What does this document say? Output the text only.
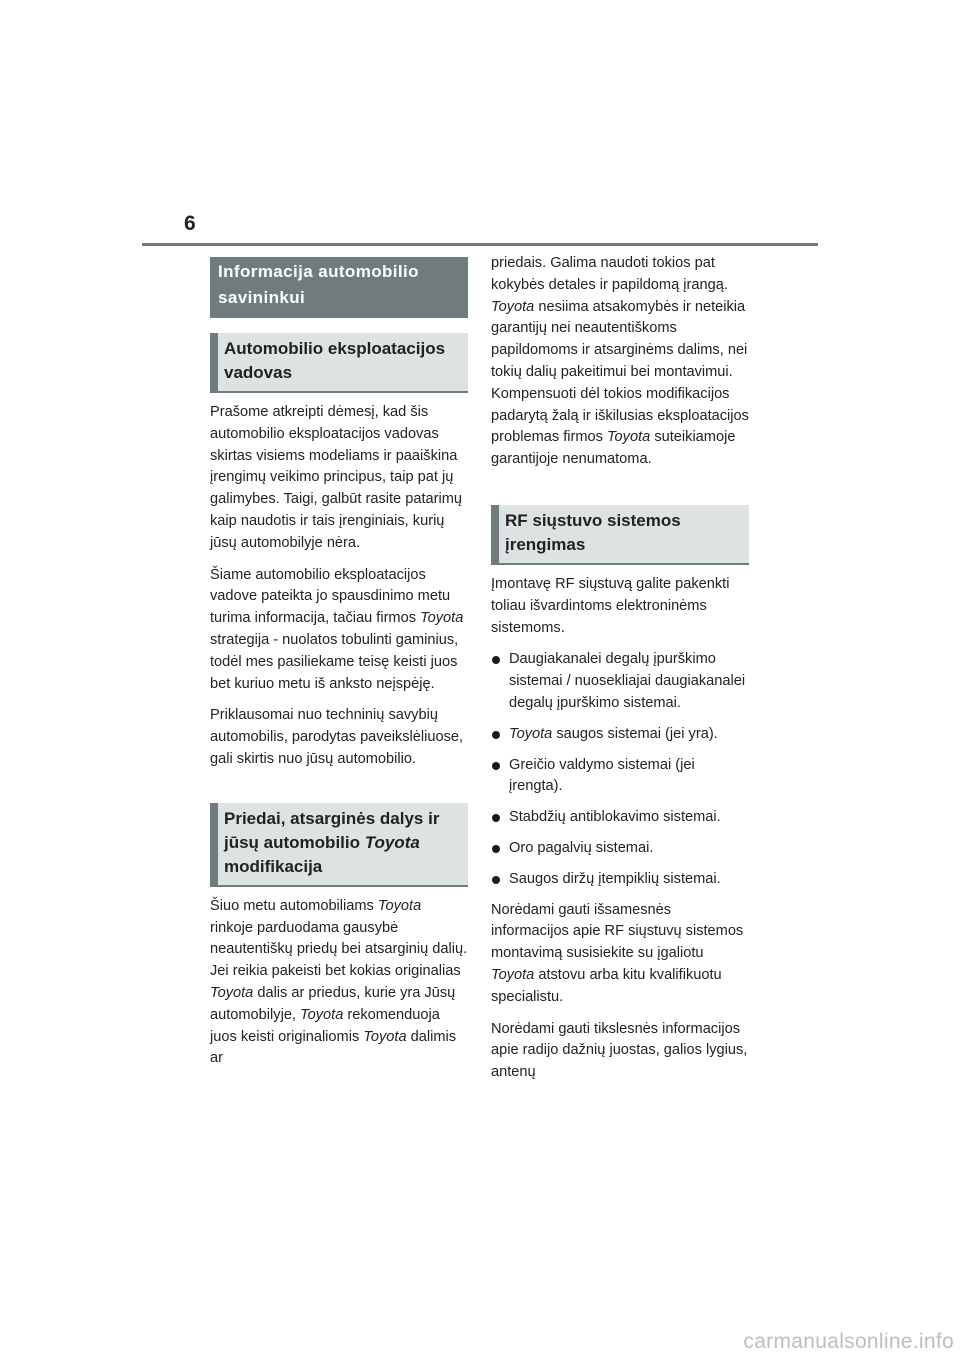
6
Informacija automobilio savininkui
Automobilio eksploatacijos vadovas

Prašome atkreipti dėmesį, kad šis automobilio eksploatacijos vadovas skirtas visiems modeliams ir paaiškina įrengimų veikimo principus, taip pat jų galimybes. Taigi, galbūt rasite patarimų kaip naudotis ir tais įrenginiais, kurių jūsų automobilyje nėra.

Šiame automobilio eksploatacijos vadove pateikta jo spausdinimo metu turima informacija, tačiau firmos Toyota strategija - nuolatos tobulinti gaminius, todėl mes pasiliekame teisę keisti juos bet kuriuo metu iš anksto neįspėję.

Priklausomai nuo techninių savybių automobilis, parodytas paveikslėliuose, gali skirtis nuo jūsų automobilio.

Priedai, atsarginės dalys ir jūsų automobilio Toyota modifikacija

Šiuo metu automobiliams Toyota rinkoje parduodama gausybė neautentiškų priedų bei atsarginių dalių. Jei reikia pakeisti bet kokias originalias Toyota dalis ar priedus, kurie yra Jūsų automobilyje, Toyota rekomenduoja juos keisti originaliomis Toyota dalimis ar

priedais. Galima naudoti tokios pat kokybės detales ir papildomą įrangą. Toyota nesiima atsakomybės ir neteikia garantijų nei neautentiškoms papildomoms ir atsarginėms dalims, nei tokių dalių pakeitimui bei montavimui. Kompensuoti dėl tokios modifikacijos padarytą žalą ir iškilusias eksploatacijos problemas firmos Toyota suteikiamoje garantijoje nenumatoma.

RF siųstuvo sistemos įrengimas

Įmontavę RF siųstuvą galite pakenkti toliau išvardintoms elektroninėms sistemoms.

Daugiakanalei degalų įpurškimo sistemai / nuosekliajai daugiakanalei degalų įpurškimo sistemai.
Toyota saugos sistemai (jei yra).
Greičio valdymo sistemai (jei įrengta).
Stabdžių antiblokavimo sistemai.
Oro pagalvių sistemai.
Saugos diržų įtempiklių sistemai.

Norėdami gauti išsamesnės informacijos apie RF siųstuvų sistemos montavimą susisiekite su įgaliotu Toyota atstovu arba kitu kvalifikuotu specialistu.

Norėdami gauti tikslesnės informacijos apie radijo dažnių juostas, galios lygius, antenų

carmanualsonline.info
